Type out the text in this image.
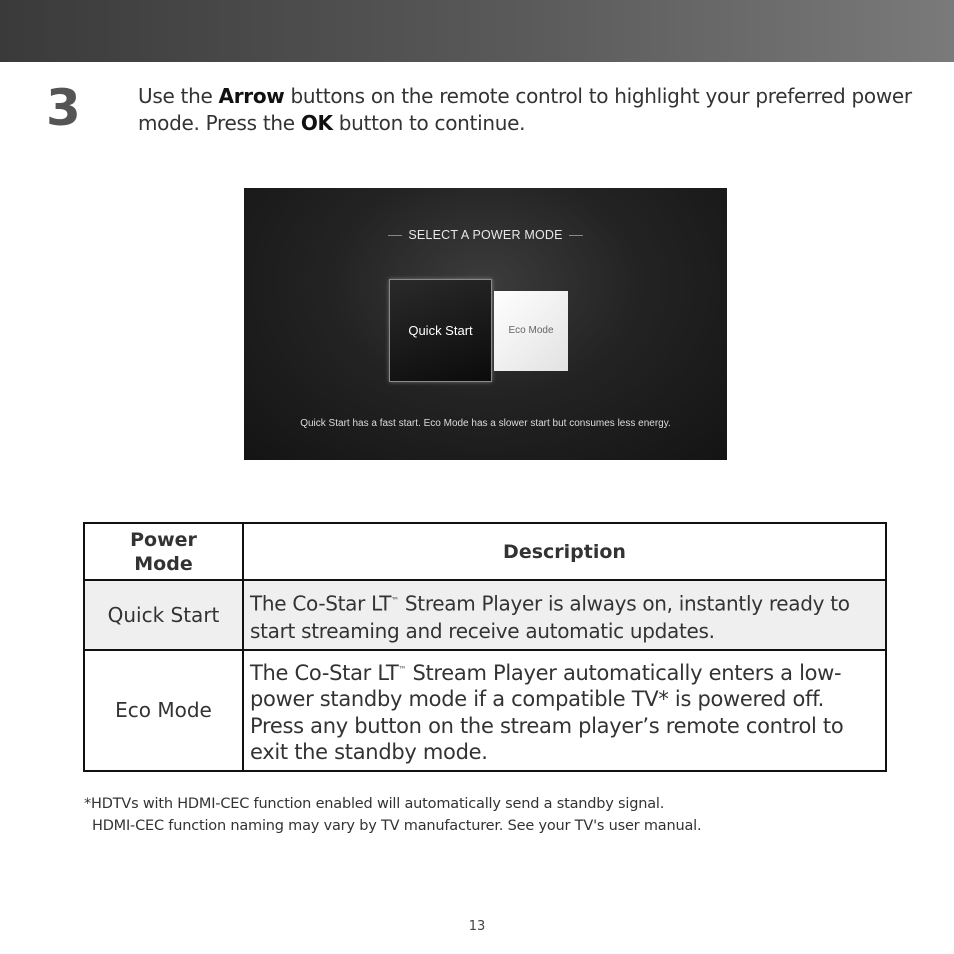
3	Use the Arrow buttons on the remote control to highlight your preferred power mode. Press the OK button to continue.
SELECT A POWER MODE
Quick Start	Eco Mode
Quick Start has a fast start. Eco Mode has a slower start but consumes less energy.
Power Mode	Description
Quick Start	The Co-Star LT™ Stream Player is always on, instantly ready to start streaming and receive automatic updates.
Eco Mode	The Co-Star LT™ Stream Player automatically enters a low-power standby mode if a compatible TV* is powered off. Press any button on the stream player’s remote control to exit the standby mode.
*HDTVs with HDMI-CEC function enabled will automatically send a standby signal.
HDMI-CEC function naming may vary by TV manufacturer. See your TV's user manual.
13
